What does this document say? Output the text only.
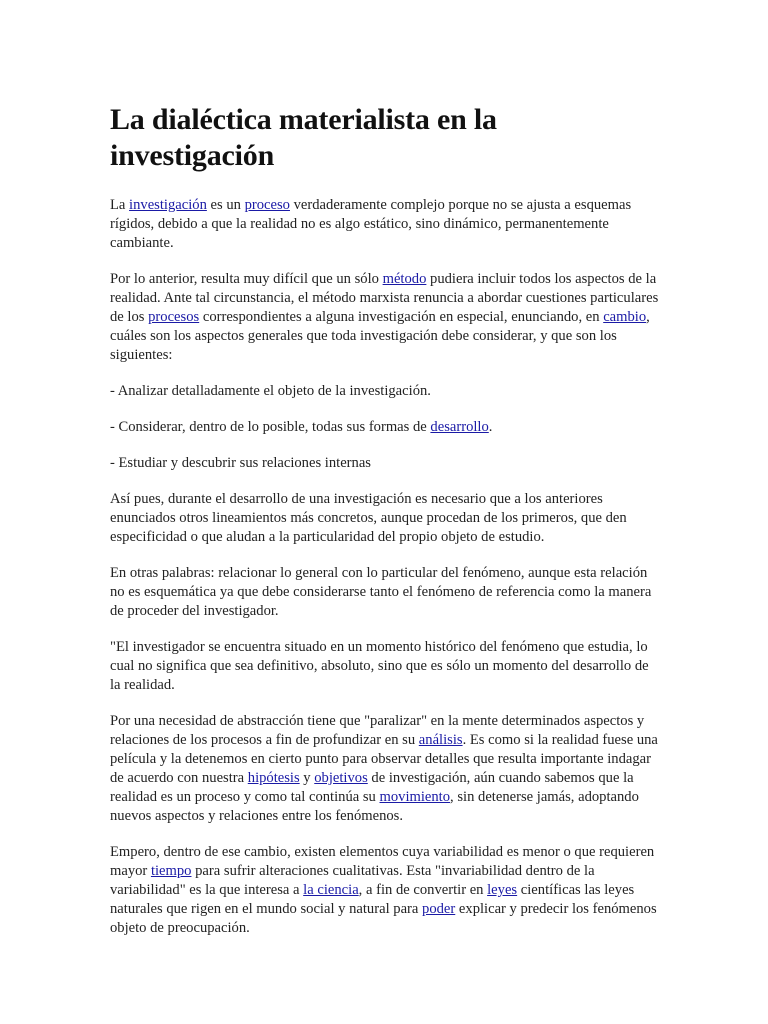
La dialéctica materialista en la investigación

La investigación es un proceso verdaderamente complejo porque no se ajusta a esquemas rígidos, debido a que la realidad no es algo estático, sino dinámico, permanentemente cambiante.

Por lo anterior, resulta muy difícil que un sólo método pudiera incluir todos los aspectos de la realidad. Ante tal circunstancia, el método marxista renuncia a abordar cuestiones particulares de los procesos correspondientes a alguna investigación en especial, enunciando, en cambio, cuáles son los aspectos generales que toda investigación debe considerar, y que son los siguientes:

- Analizar detalladamente el objeto de la investigación.

- Considerar, dentro de lo posible, todas sus formas de desarrollo.

- Estudiar y descubrir sus relaciones internas

Así pues, durante el desarrollo de una investigación es necesario que a los anteriores enunciados otros lineamientos más concretos, aunque procedan de los primeros, que den especificidad o que aludan a la particularidad del propio objeto de estudio.

En otras palabras: relacionar lo general con lo particular del fenómeno, aunque esta relación no es esquemática ya que debe considerarse tanto el fenómeno de referencia como la manera de proceder del investigador.

"El investigador se encuentra situado en un momento histórico del fenómeno que estudia, lo cual no significa que sea definitivo, absoluto, sino que es sólo un momento del desarrollo de la realidad.

Por una necesidad de abstracción tiene que "paralizar" en la mente determinados aspectos y relaciones de los procesos a fin de profundizar en su análisis. Es como si la realidad fuese una película y la detenemos en cierto punto para observar detalles que resulta importante indagar de acuerdo con nuestra hipótesis y objetivos de investigación, aún cuando sabemos que la realidad es un proceso y como tal continúa su movimiento, sin detenerse jamás, adoptando nuevos aspectos y relaciones entre los fenómenos.

Empero, dentro de ese cambio, existen elementos cuya variabilidad es menor o que requieren mayor tiempo para sufrir alteraciones cualitativas. Esta "invariabilidad dentro de la variabilidad" es la que interesa a la ciencia, a fin de convertir en leyes científicas las leyes naturales que rigen en el mundo social y natural para poder explicar y predecir los fenómenos objeto de preocupación.
